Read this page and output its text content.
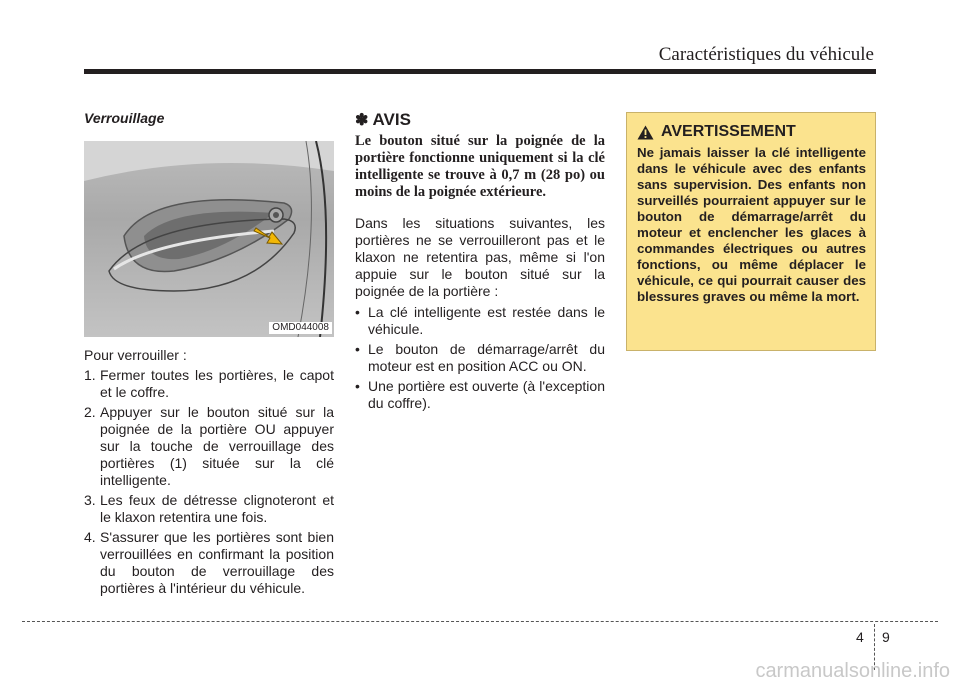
Caractéristiques du véhicule
Verrouillage
OMD044008
Pour verrouiller :
1. Fermer toutes les portières, le capot et le coffre.
2. Appuyer sur le bouton situé sur la poignée de la portière OU appuyer sur la touche de verrouillage des portières (1) située sur la clé intelligente.
3. Les feux de détresse clignoteront et le klaxon retentira une fois.
4. S'assurer que les portières sont bien verrouillées en confirmant la position du bouton de verrouillage des portières à l'intérieur du véhicule.
✽ AVIS
Le bouton situé sur la poignée de la portière fonctionne uniquement si la clé intelligente se trouve à 0,7 m (28 po) ou moins de la poignée extérieure.
Dans les situations suivantes, les portières ne se verrouilleront pas et le klaxon ne retentira pas, même si l'on appuie sur le bouton situé sur la poignée de la portière :
• La clé intelligente est restée dans le véhicule.
• Le bouton de démarrage/arrêt du moteur est en position ACC ou ON.
• Une portière est ouverte (à l'exception du coffre).
AVERTISSEMENT
Ne jamais laisser la clé intelligente dans le véhicule avec des enfants sans supervision. Des enfants non surveillés pourraient appuyer sur le bouton de démarrage/arrêt du moteur et enclencher les glaces à commandes électriques ou autres fonctions, ou même déplacer le véhicule, ce qui pourrait causer des blessures graves ou même la mort.
4 9
carmanualsonline.info
